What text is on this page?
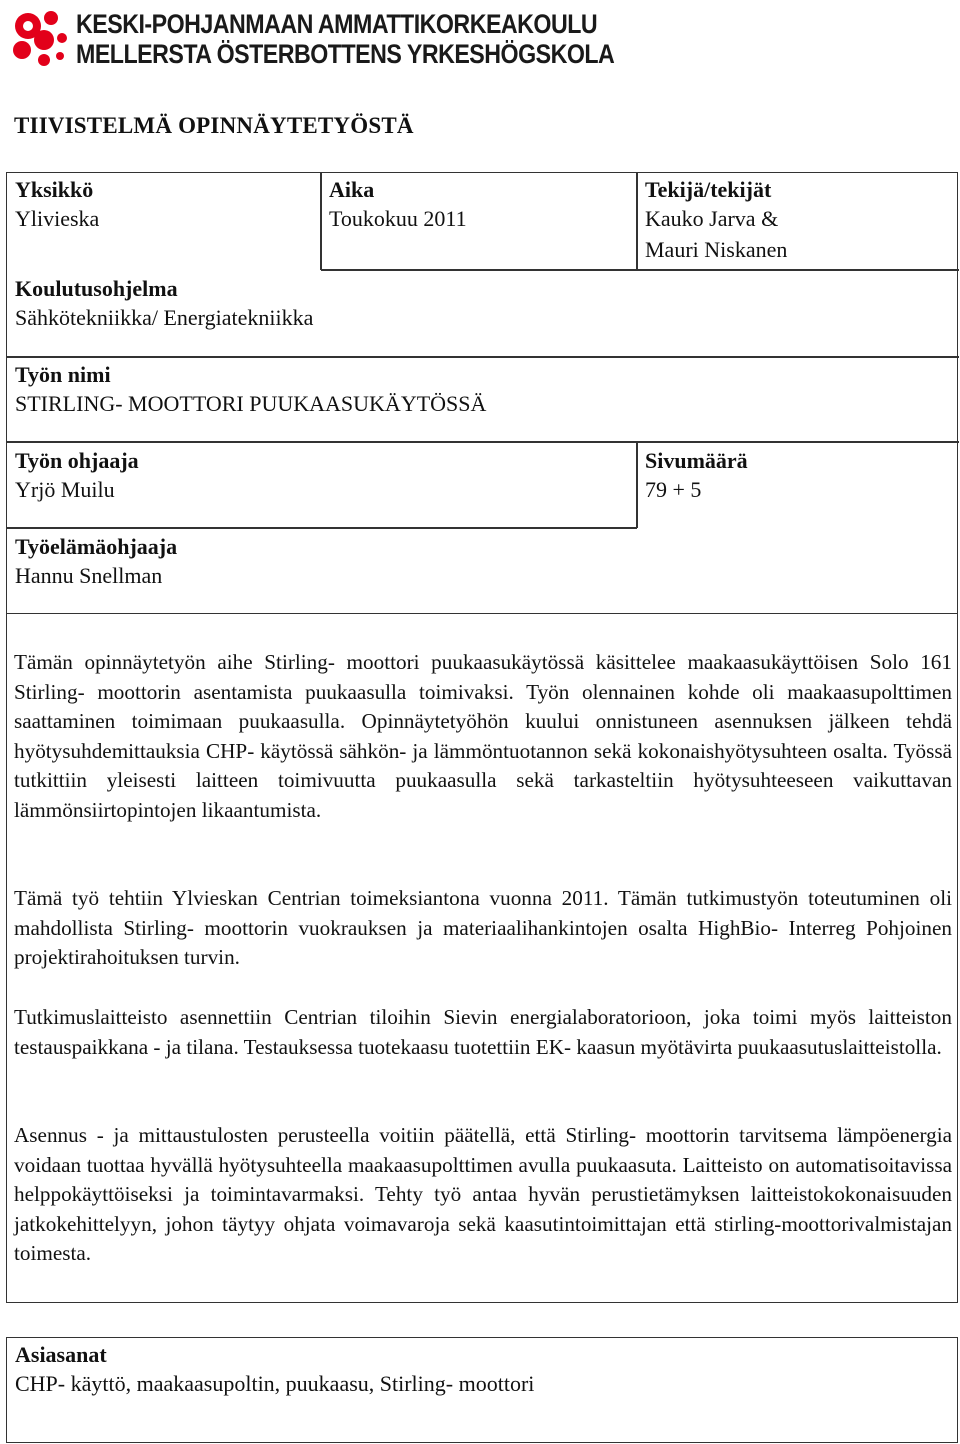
KESKI-POHJANMAAN AMMATTIKORKEAKOULU
MELLERSTA ÖSTERBOTTENS YRKESHÖGSKOLA
TIIVISTELMÄ OPINNÄYTETYÖSTÄ
Yksikkö
Ylivieska
Aika
Toukokuu 2011
Tekijä/tekijät
Kauko Jarva &
Mauri Niskanen
Koulutusohjelma
Sähkötekniikka/ Energiatekniikka
Työn nimi
STIRLING- MOOTTORI PUUKAASUKÄYTÖSSÄ
Työn ohjaaja
Yrjö Muilu
Sivumäärä
79 + 5
Työelämäohjaaja
Hannu Snellman

Tämän opinnäytetyön aihe Stirling- moottori puukaasukäytössä käsittelee maakaasukäyttöisen Solo 161 Stirling- moottorin asentamista puukaasulla toimivaksi. Työn olennainen kohde oli maakaasupolttimen saattaminen toimimaan puukaasulla. Opinnäytetyöhön kuului onnistuneen asennuksen jälkeen tehdä hyötysuhdemittauksia CHP- käytössä sähkön- ja lämmöntuotannon sekä kokonaishyötysuhteen osalta. Työssä tutkittiin yleisesti laitteen toimivuutta puukaasulla sekä tarkasteltiin hyötysuhteeseen vaikuttavan lämmönsiirtopintojen likaantumista.

Tämä työ tehtiin Ylvieskan Centrian toimeksiantona vuonna 2011. Tämän tutkimustyön toteutuminen oli mahdollista Stirling- moottorin vuokrauksen ja materiaalihankintojen osalta HighBio- Interreg Pohjoinen projektirahoituksen turvin.

Tutkimuslaitteisto asennettiin Centrian tiloihin Sievin energialaboratorioon, joka toimi myös laitteiston testauspaikkana - ja tilana. Testauksessa tuotekaasu tuotettiin EK- kaasun myötävirta puukaasutuslaitteistolla.

Asennus - ja mittaustulosten perusteella voitiin päätellä, että Stirling- moottorin tarvitsema lämpöenergia voidaan tuottaa hyvällä hyötysuhteella maakaasupolttimen avulla puukaasuta. Laitteisto on automatisoitavissa helppokäyttöiseksi ja toimintavarmaksi. Tehty työ antaa hyvän perustietämyksen laitteistokokonaisuuden jatkokehittelyyn, johon täytyy ohjata voimavaroja sekä kaasutintoimittajan että stirling-moottorivalmistajan toimesta.

Asiasanat
CHP- käyttö, maakaasupoltin, puukaasu, Stirling- moottori
